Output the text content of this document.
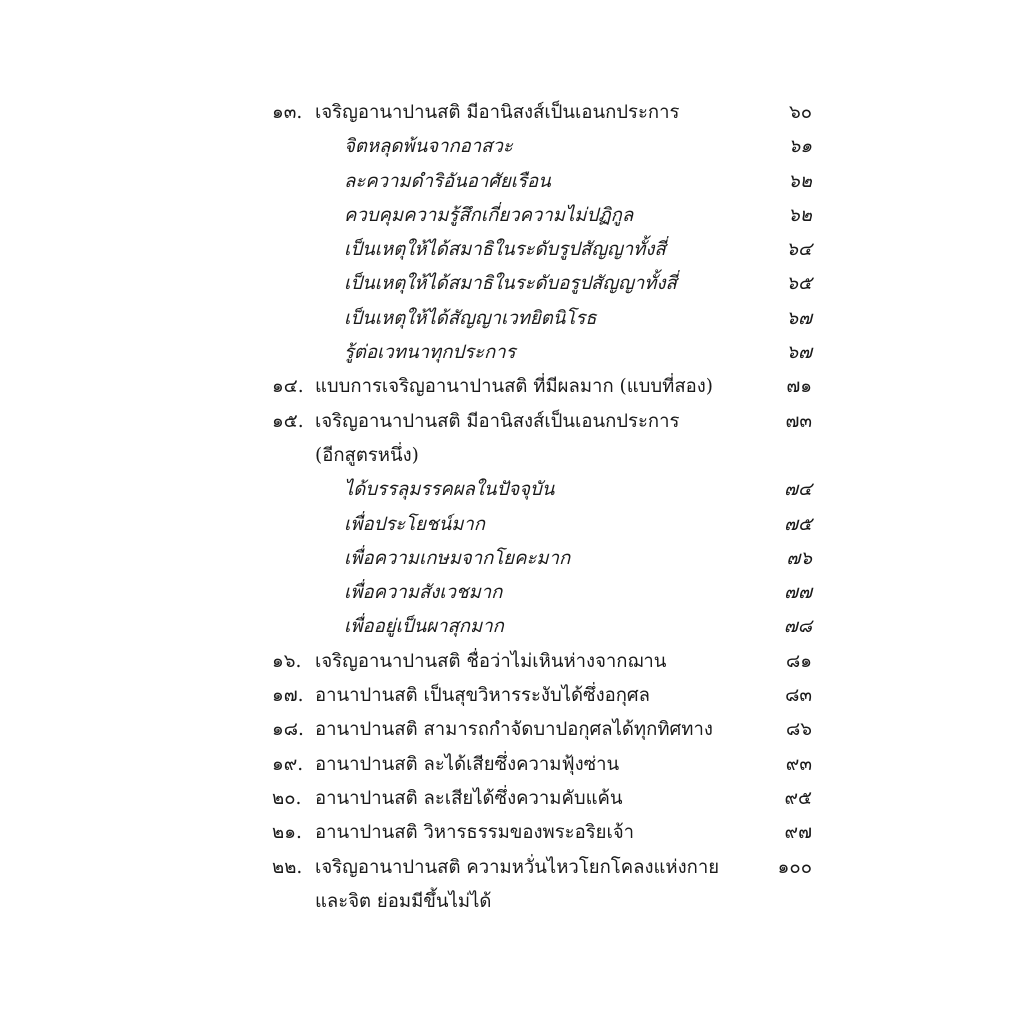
๑๓. เจริญอานาปานสติ มีอานิสงส์เป็นเอนกประการ	๖๐
จิตหลุดพ้นจากอาสวะ	๖๑
ละความดำริอันอาศัยเรือน	๖๒
ควบคุมความรู้สึกเกี่ยวความไม่ปฏิกูล	๖๒
เป็นเหตุให้ได้สมาธิในระดับรูปสัญญาทั้งสี่	๖๔
เป็นเหตุให้ได้สมาธิในระดับอรูปสัญญาทั้งสี่	๖๕
เป็นเหตุให้ได้สัญญาเวทยิตนิโรธ	๖๗
รู้ต่อเวทนาทุกประการ	๖๗
๑๔. แบบการเจริญอานาปานสติ ที่มีผลมาก (แบบที่สอง)	๗๑
๑๕. เจริญอานาปานสติ มีอานิสงส์เป็นเอนกประการ	๗๓
(อีกสูตรหนึ่ง)
ได้บรรลุมรรคผลในปัจจุบัน	๗๔
เพื่อประโยชน์มาก	๗๕
เพื่อความเกษมจากโยคะมาก	๗๖
เพื่อความสังเวชมาก	๗๗
เพื่ออยู่เป็นผาสุกมาก	๗๘
๑๖. เจริญอานาปานสติ ชื่อว่าไม่เหินห่างจากฌาน	๘๑
๑๗. อานาปานสติ เป็นสุขวิหารระงับได้ซึ่งอกุศล	๘๓
๑๘. อานาปานสติ สามารถกำจัดบาปอกุศลได้ทุกทิศทาง	๘๖
๑๙. อานาปานสติ ละได้เสียซึ่งความฟุ้งซ่าน	๙๓
๒๐. อานาปานสติ ละเสียได้ซึ่งความคับแค้น	๙๕
๒๑. อานาปานสติ วิหารธรรมของพระอริยเจ้า	๙๗
๒๒. เจริญอานาปานสติ ความหวั่นไหวโยกโคลงแห่งกาย	๑๐๐
และจิต ย่อมมีขึ้นไม่ได้
